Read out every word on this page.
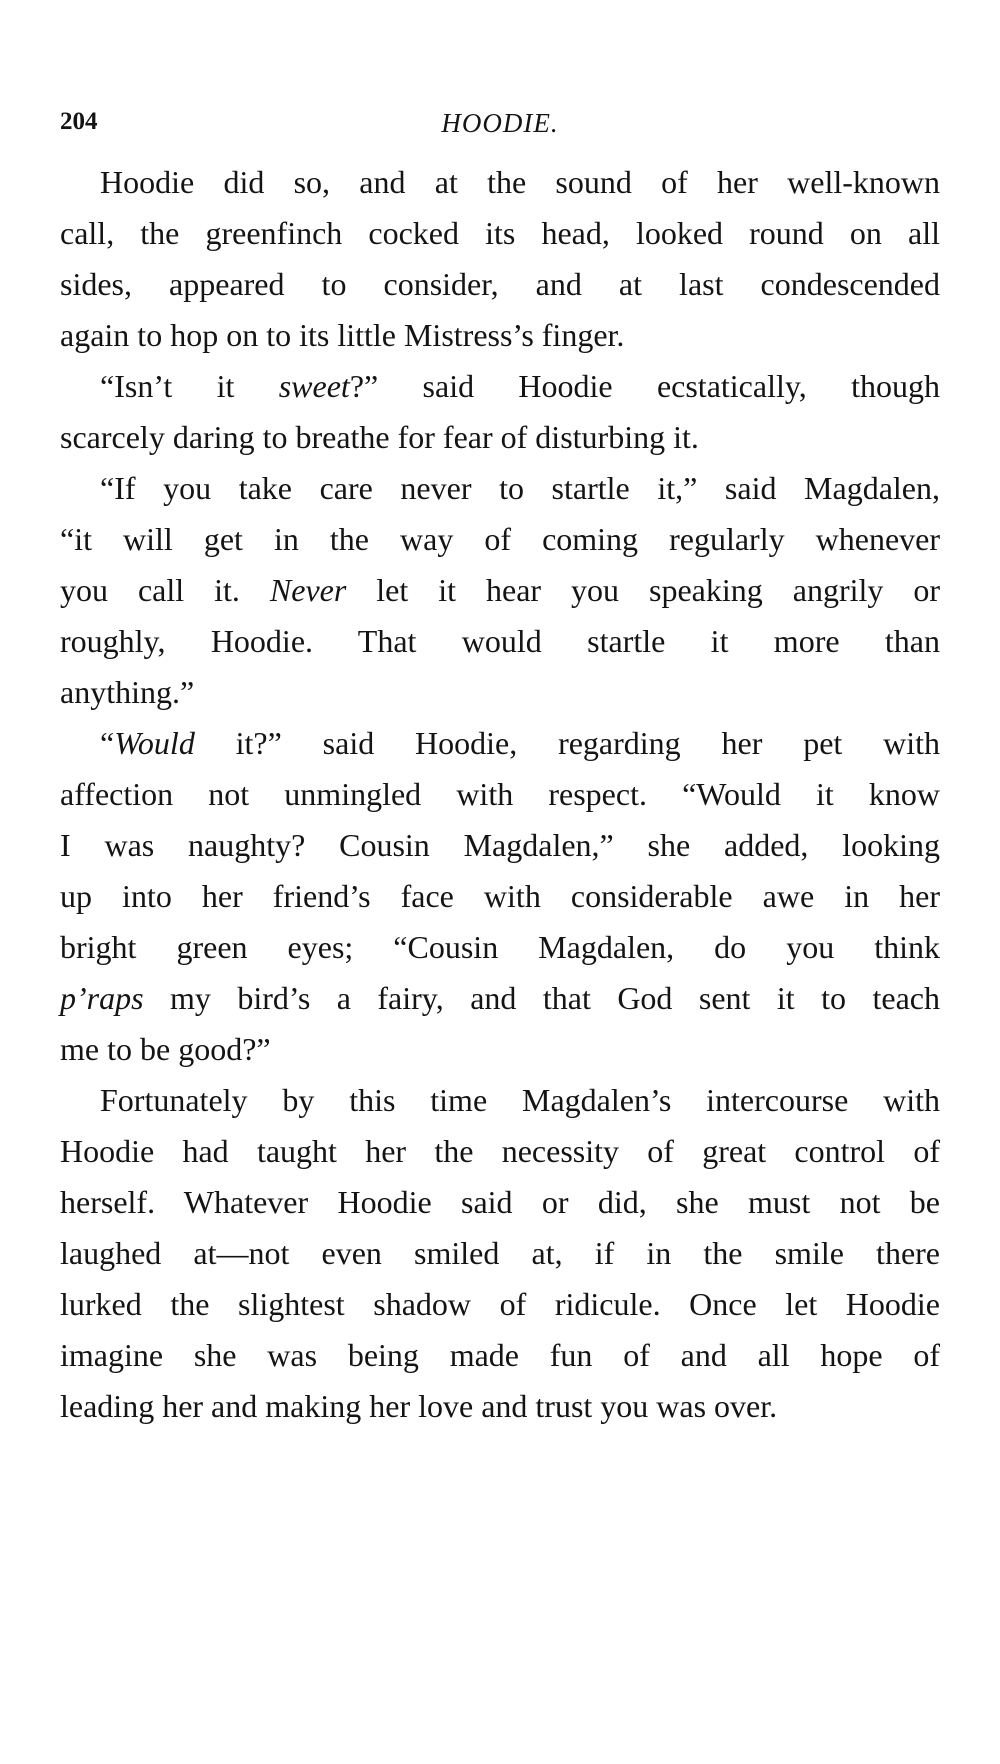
204	HOODIE.
Hoodie did so, and at the sound of her well-known
call, the greenfinch cocked its head, looked round on all
sides, appeared to consider, and at last condescended
again to hop on to its little Mistress’s finger.
“Isn’t it sweet?” said Hoodie ecstatically, though
scarcely daring to breathe for fear of disturbing it.
“If you take care never to startle it,” said Magdalen,
“it will get in the way of coming regularly whenever
you call it. Never let it hear you speaking angrily or
roughly, Hoodie. That would startle it more than
anything.”
“Would it?” said Hoodie, regarding her pet with
affection not unmingled with respect. “Would it know
I was naughty? Cousin Magdalen,” she added, looking
up into her friend’s face with considerable awe in her
bright green eyes; “Cousin Magdalen, do you think
p’raps my bird’s a fairy, and that God sent it to teach
me to be good?”
Fortunately by this time Magdalen’s intercourse with
Hoodie had taught her the necessity of great control of
herself. Whatever Hoodie said or did, she must not be
laughed at—not even smiled at, if in the smile there
lurked the slightest shadow of ridicule. Once let Hoodie
imagine she was being made fun of and all hope of
leading her and making her love and trust you was over.
